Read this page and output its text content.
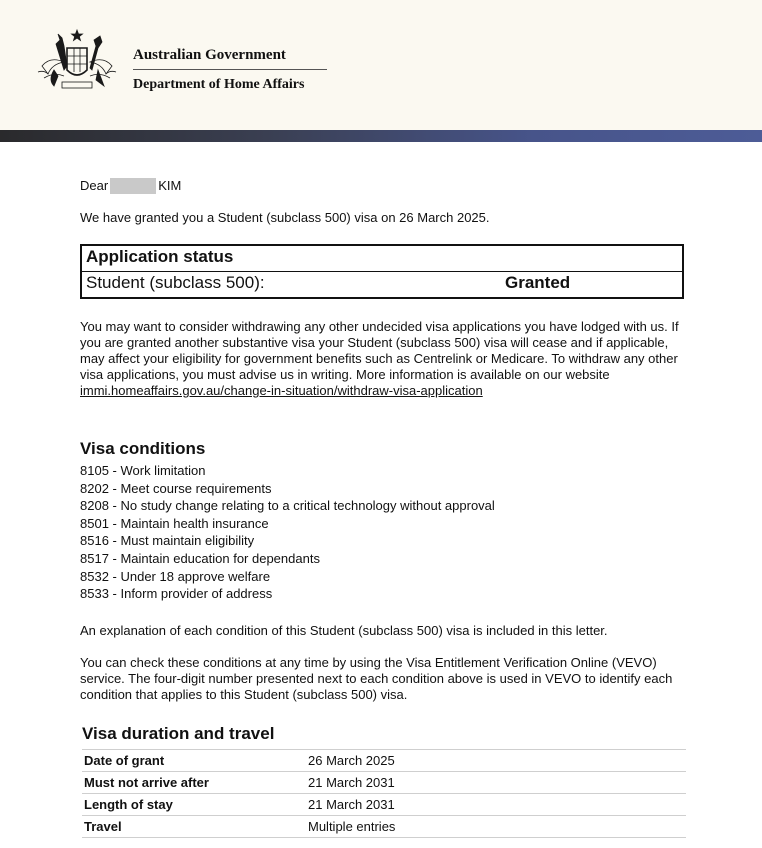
Australian Government
Department of Home Affairs
Dear	KIM
We have granted you a Student (subclass 500) visa on 26 March 2025.
Application status
Student (subclass 500):	Granted
You may want to consider withdrawing any other undecided visa applications you have lodged with us. If you are granted another substantive visa your Student (subclass 500) visa will cease and if applicable, may affect your eligibility for government benefits such as Centrelink or Medicare. To withdraw any other visa applications, you must advise us in writing. More information is available on our website immi.homeaffairs.gov.au/change-in-situation/withdraw-visa-application
Visa conditions
8105 - Work limitation
8202 - Meet course requirements
8208 - No study change relating to a critical technology without approval
8501 - Maintain health insurance
8516 - Must maintain eligibility
8517 - Maintain education for dependants
8532 - Under 18 approve welfare
8533 - Inform provider of address
An explanation of each condition of this Student (subclass 500) visa is included in this letter.
You can check these conditions at any time by using the Visa Entitlement Verification Online (VEVO) service. The four-digit number presented next to each condition above is used in VEVO to identify each condition that applies to this Student (subclass 500) visa.
Visa duration and travel
Date of grant	26 March 2025
Must not arrive after	21 March 2031
Length of stay	21 March 2031
Travel	Multiple entries
